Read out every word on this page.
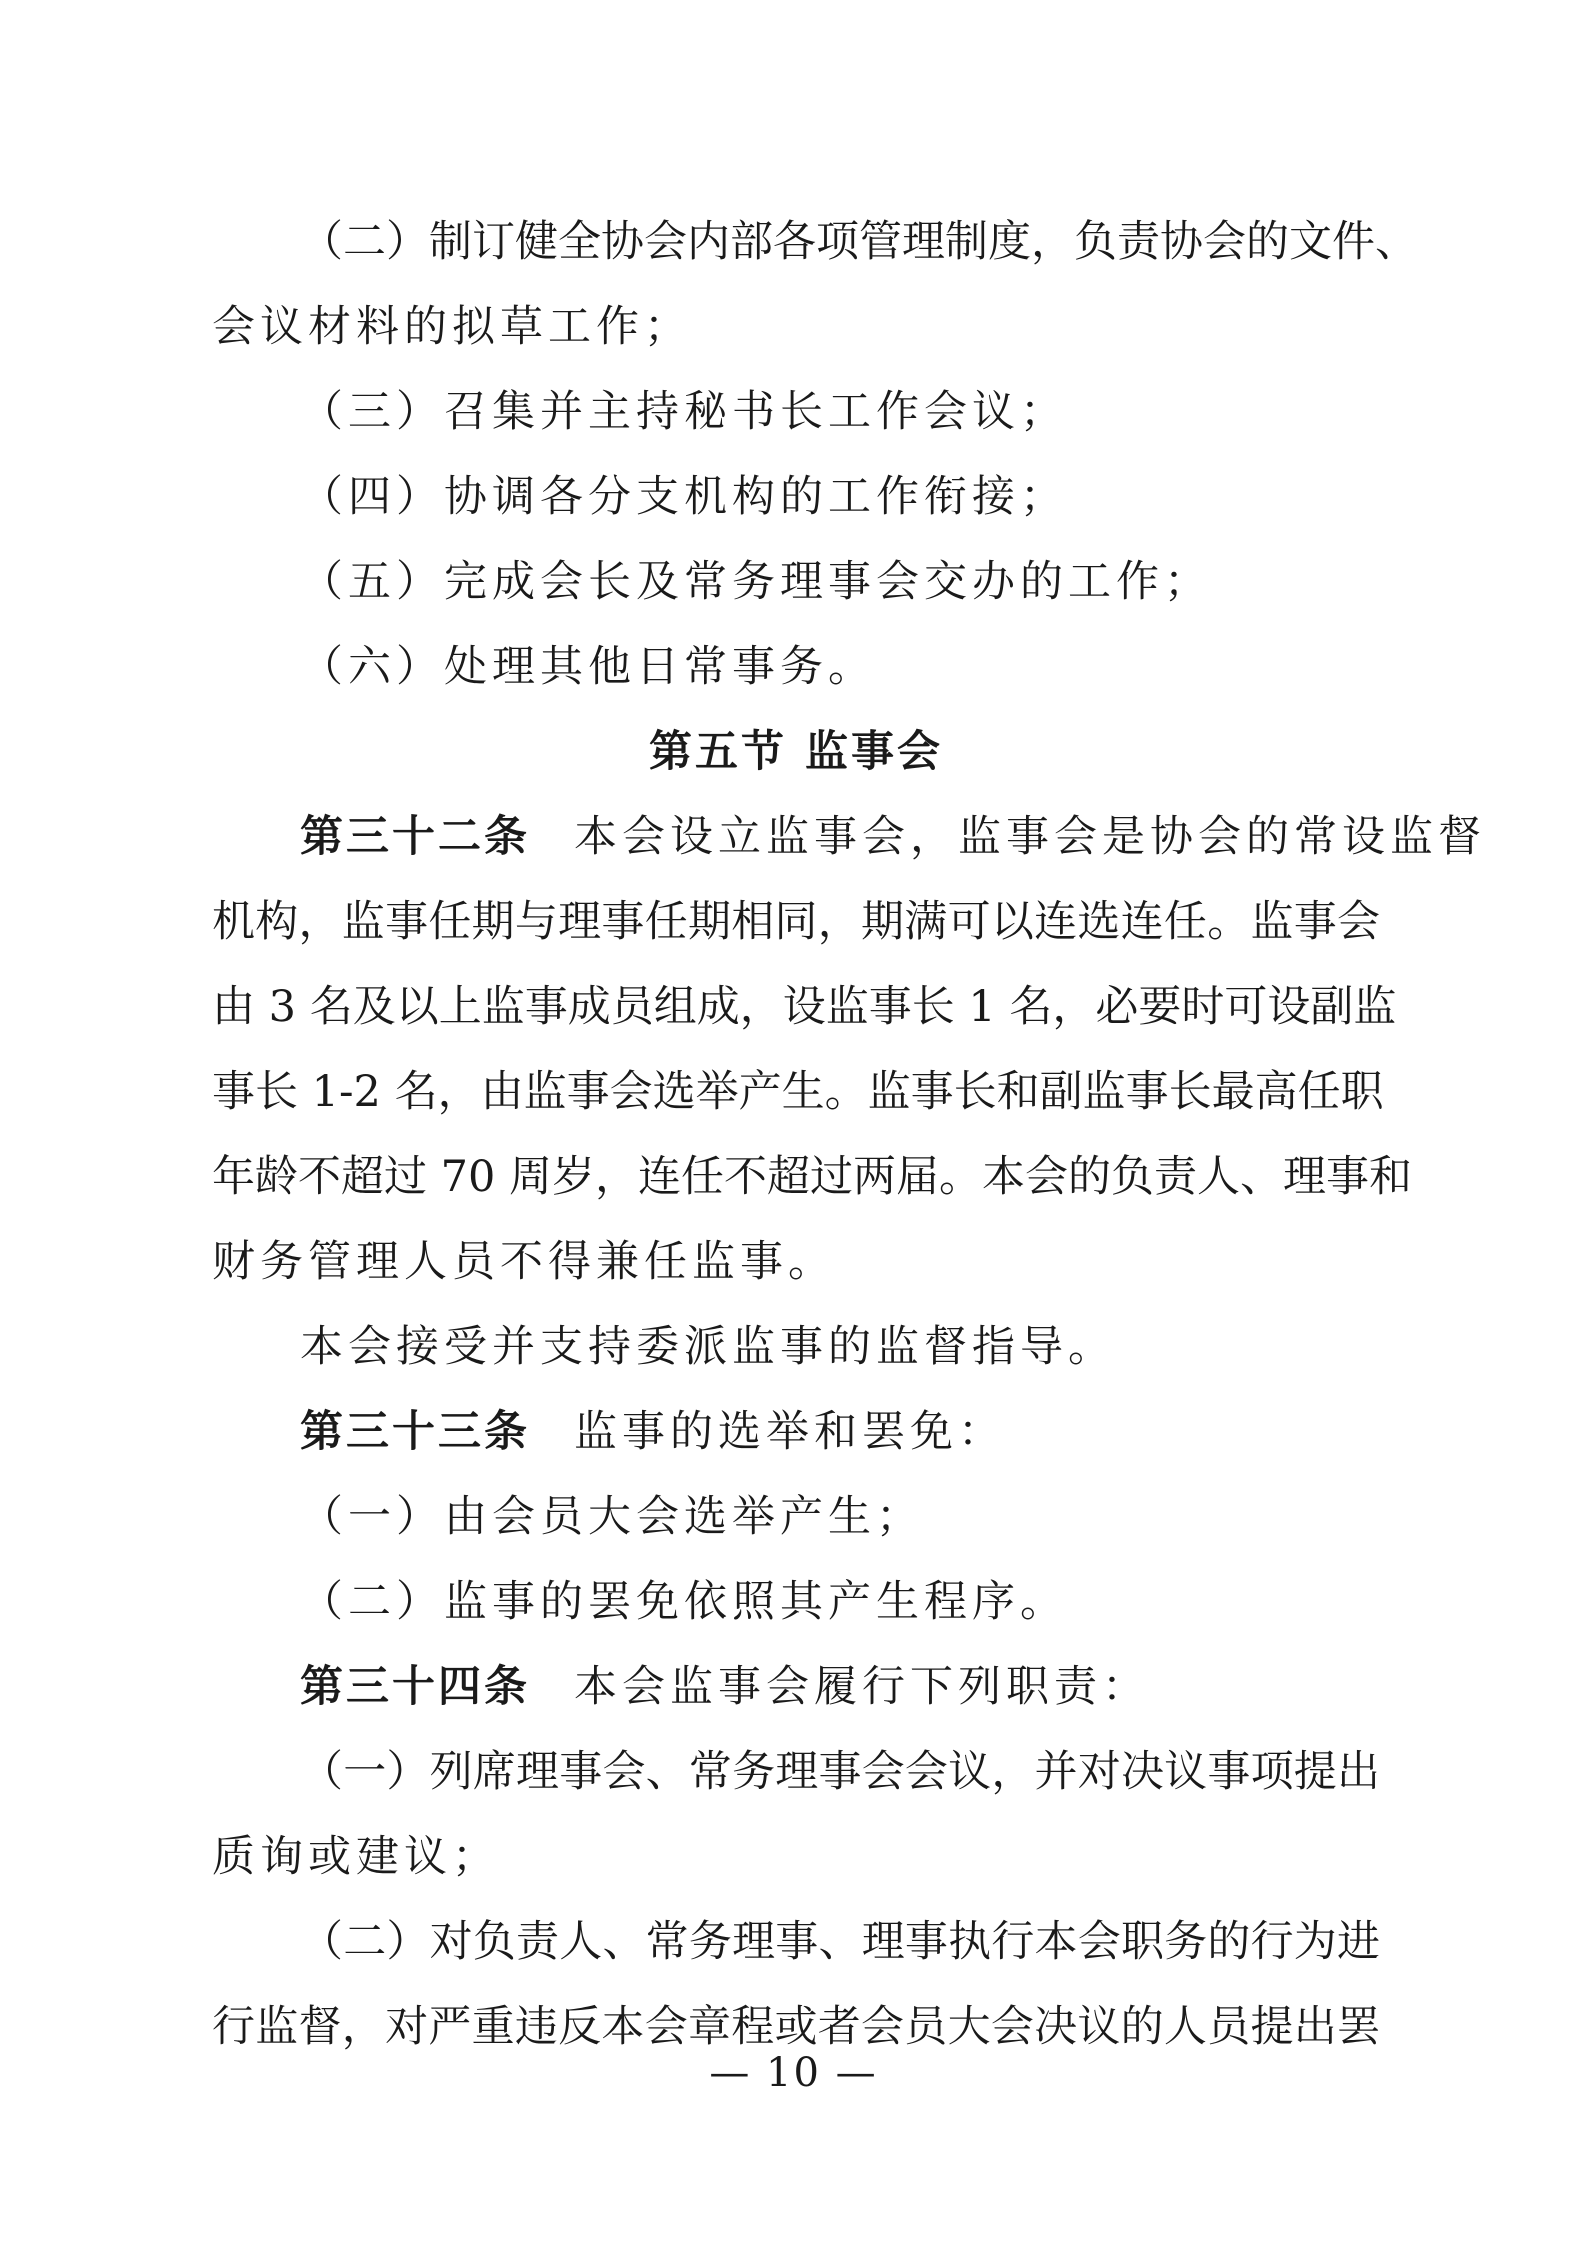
（二）制订健全协会内部各项管理制度，负责协会的文件、
会议材料的拟草工作；
（三）召集并主持秘书长工作会议；
（四）协调各分支机构的工作衔接；
（五）完成会长及常务理事会交办的工作；
（六）处理其他日常事务。
第五节 监事会
第三十二条 本会设立监事会，监事会是协会的常设监督
机构，监事任期与理事任期相同，期满可以连选连任。监事会
由 3 名及以上监事成员组成，设监事长 1 名，必要时可设副监
事长 1-2 名，由监事会选举产生。监事长和副监事长最高任职
年龄不超过 70 周岁，连任不超过两届。本会的负责人、理事和
财务管理人员不得兼任监事。
本会接受并支持委派监事的监督指导。
第三十三条 监事的选举和罢免：
（一）由会员大会选举产生；
（二）监事的罢免依照其产生程序。
第三十四条 本会监事会履行下列职责：
（一）列席理事会、常务理事会会议，并对决议事项提出
质询或建议；
（二）对负责人、常务理事、理事执行本会职务的行为进
行监督，对严重违反本会章程或者会员大会决议的人员提出罢
— 10 —
